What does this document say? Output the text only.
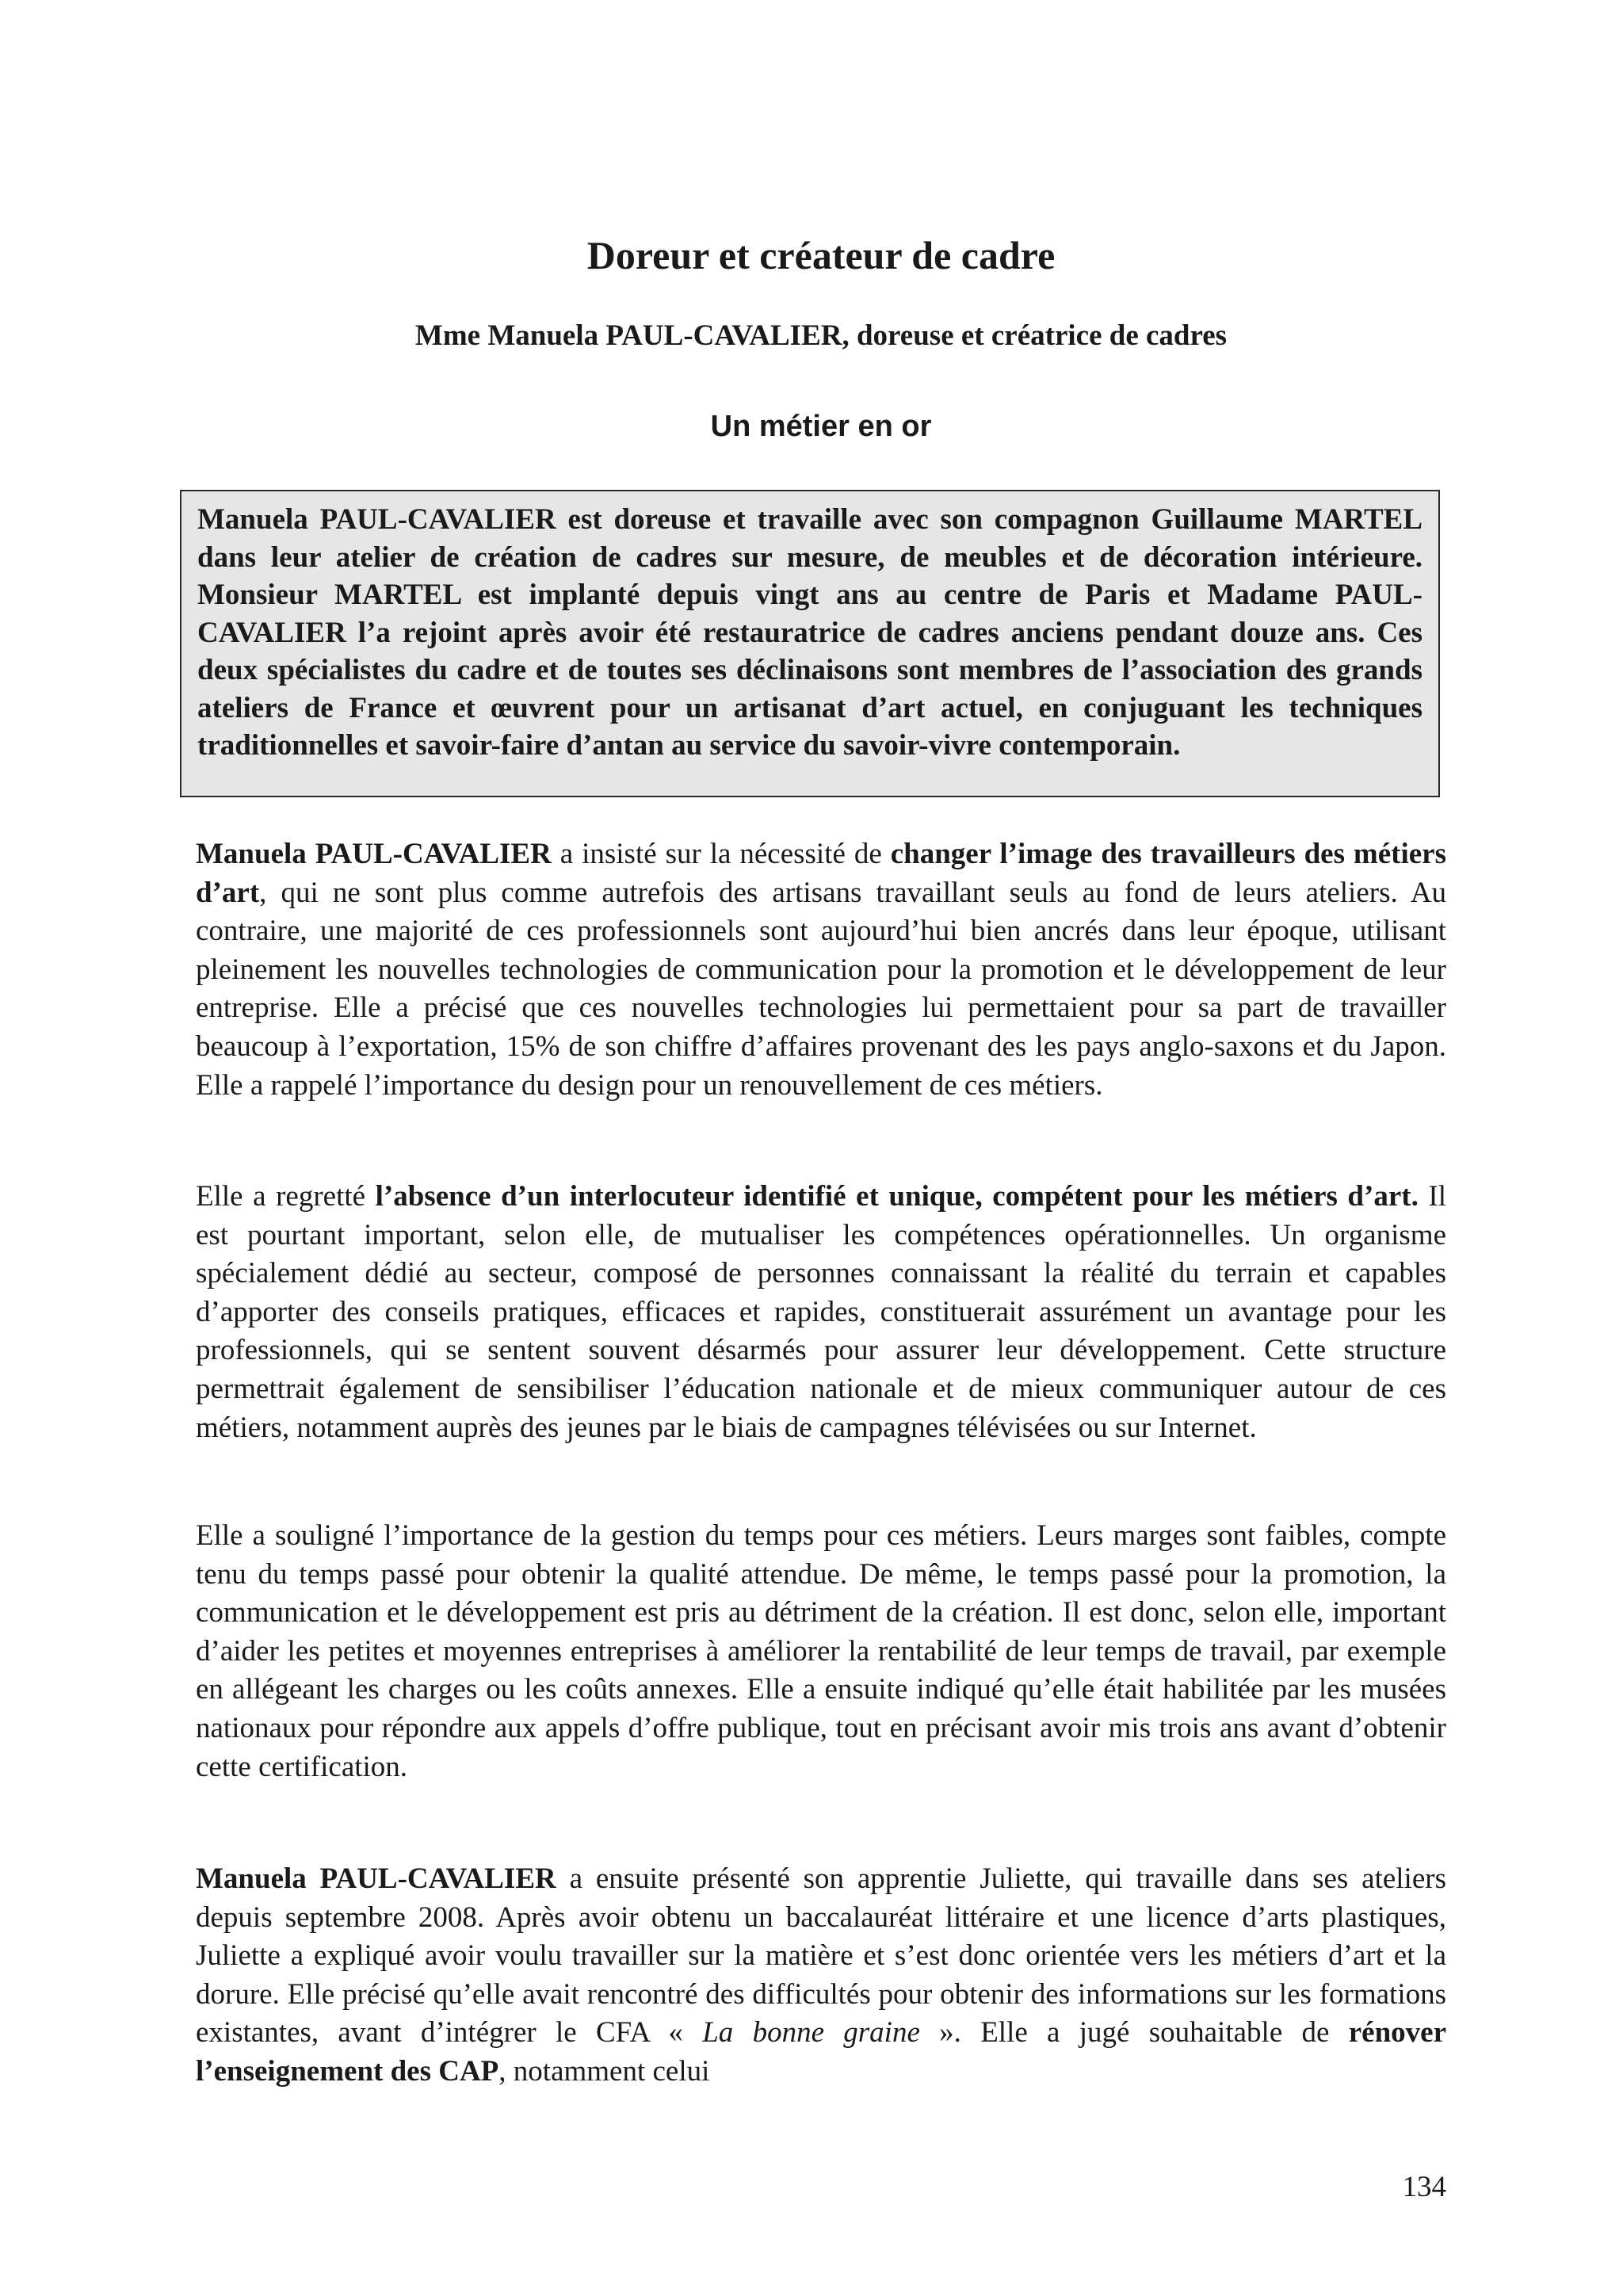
Doreur et créateur de cadre
Mme Manuela PAUL-CAVALIER, doreuse et créatrice de cadres
Un métier en or

Manuela PAUL-CAVALIER est doreuse et travaille avec son compagnon Guillaume MARTEL dans leur atelier de création de cadres sur mesure, de meubles et de décoration intérieure. Monsieur MARTEL est implanté depuis vingt ans au centre de Paris et Madame PAUL-CAVALIER l’a rejoint après avoir été restauratrice de cadres anciens pendant douze ans. Ces deux spécialistes du cadre et de toutes ses déclinaisons sont membres de l’association des grands ateliers de France et œuvrent pour un artisanat d’art actuel, en conjuguant les techniques traditionnelles et savoir-faire d’antan au service du savoir-vivre contemporain.

Manuela PAUL-CAVALIER a insisté sur la nécessité de changer l’image des travailleurs des métiers d’art, qui ne sont plus comme autrefois des artisans travaillant seuls au fond de leurs ateliers. Au contraire, une majorité de ces professionnels sont aujourd’hui bien ancrés dans leur époque, utilisant pleinement les nouvelles technologies de communication pour la promotion et le développement de leur entreprise. Elle a précisé que ces nouvelles technologies lui permettaient pour sa part de travailler beaucoup à l’exportation, 15% de son chiffre d’affaires provenant des les pays anglo-saxons et du Japon. Elle a rappelé l’importance du design pour un renouvellement de ces métiers.

Elle a regretté l’absence d’un interlocuteur identifié et unique, compétent pour les métiers d’art. Il est pourtant important, selon elle, de mutualiser les compétences opérationnelles. Un organisme spécialement dédié au secteur, composé de personnes connaissant la réalité du terrain et capables d’apporter des conseils pratiques, efficaces et rapides, constituerait assurément un avantage pour les professionnels, qui se sentent souvent désarmés pour assurer leur développement. Cette structure permettrait également de sensibiliser l’éducation nationale et de mieux communiquer autour de ces métiers, notamment auprès des jeunes par le biais de campagnes télévisées ou sur Internet.

Elle a souligné l’importance de la gestion du temps pour ces métiers. Leurs marges sont faibles, compte tenu du temps passé pour obtenir la qualité attendue. De même, le temps passé pour la promotion, la communication et le développement est pris au détriment de la création. Il est donc, selon elle, important d’aider les petites et moyennes entreprises à améliorer la rentabilité de leur temps de travail, par exemple en allégeant les charges ou les coûts annexes. Elle a ensuite indiqué qu’elle était habilitée par les musées nationaux pour répondre aux appels d’offre publique, tout en précisant avoir mis trois ans avant d’obtenir cette certification.

Manuela PAUL-CAVALIER a ensuite présenté son apprentie Juliette, qui travaille dans ses ateliers depuis septembre 2008. Après avoir obtenu un baccalauréat littéraire et une licence d’arts plastiques, Juliette a expliqué avoir voulu travailler sur la matière et s’est donc orientée vers les métiers d’art et la dorure. Elle précisé qu’elle avait rencontré des difficultés pour obtenir des informations sur les formations existantes, avant d’intégrer le CFA « La bonne graine ». Elle a jugé souhaitable de rénover l’enseignement des CAP, notamment celui

134
